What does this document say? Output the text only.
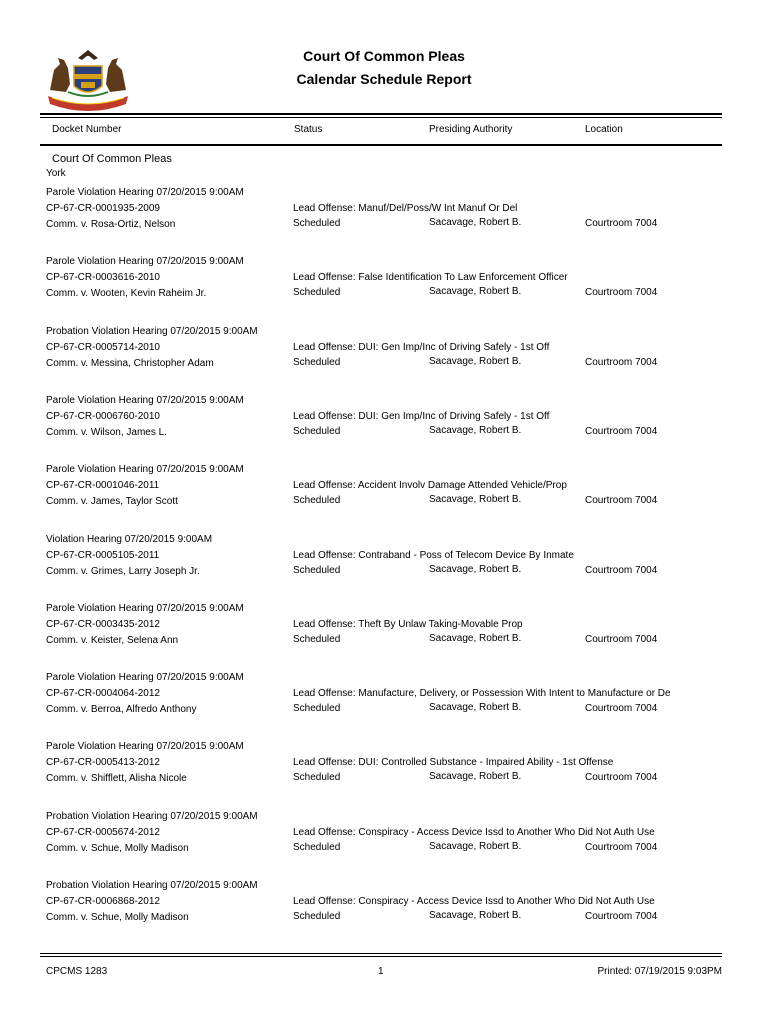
Court Of Common Pleas
Calendar Schedule Report
Docket Number	Status	Presiding Authority	Location
Court Of Common Pleas
York
Parole Violation Hearing 07/20/2015 9:00AM
CP-67-CR-0001935-2009
Comm. v. Rosa-Ortiz, Nelson
Lead Offense: Manuf/Del/Poss/W Int Manuf Or Del
Scheduled	Sacavage, Robert B.	Courtroom 7004
Parole Violation Hearing 07/20/2015 9:00AM
CP-67-CR-0003616-2010
Comm. v. Wooten, Kevin Raheim Jr.
Lead Offense: False Identification To Law Enforcement Officer
Scheduled	Sacavage, Robert B.	Courtroom 7004
Probation Violation Hearing 07/20/2015 9:00AM
CP-67-CR-0005714-2010
Comm. v. Messina, Christopher Adam
Lead Offense: DUI: Gen Imp/Inc of Driving Safely - 1st Off
Scheduled	Sacavage, Robert B.	Courtroom 7004
Parole Violation Hearing 07/20/2015 9:00AM
CP-67-CR-0006760-2010
Comm. v. Wilson, James L.
Lead Offense: DUI: Gen Imp/Inc of Driving Safely - 1st Off
Scheduled	Sacavage, Robert B.	Courtroom 7004
Parole Violation Hearing 07/20/2015 9:00AM
CP-67-CR-0001046-2011
Comm. v. James, Taylor Scott
Lead Offense: Accident Involv Damage Attended Vehicle/Prop
Scheduled	Sacavage, Robert B.	Courtroom 7004
Violation Hearing 07/20/2015 9:00AM
CP-67-CR-0005105-2011
Comm. v. Grimes, Larry Joseph Jr.
Lead Offense: Contraband - Poss of Telecom Device By Inmate
Scheduled	Sacavage, Robert B.	Courtroom 7004
Parole Violation Hearing 07/20/2015 9:00AM
CP-67-CR-0003435-2012
Comm. v. Keister, Selena Ann
Lead Offense: Theft By Unlaw Taking-Movable Prop
Scheduled	Sacavage, Robert B.	Courtroom 7004
Parole Violation Hearing 07/20/2015 9:00AM
CP-67-CR-0004064-2012
Comm. v. Berroa, Alfredo Anthony
Lead Offense: Manufacture, Delivery, or Possession With Intent to Manufacture or De
Scheduled	Sacavage, Robert B.	Courtroom 7004
Parole Violation Hearing 07/20/2015 9:00AM
CP-67-CR-0005413-2012
Comm. v. Shifflett, Alisha Nicole
Lead Offense: DUI: Controlled Substance - Impaired Ability - 1st Offense
Scheduled	Sacavage, Robert B.	Courtroom 7004
Probation Violation Hearing 07/20/2015 9:00AM
CP-67-CR-0005674-2012
Comm. v. Schue, Molly Madison
Lead Offense: Conspiracy - Access Device Issd to Another Who Did Not Auth Use
Scheduled	Sacavage, Robert B.	Courtroom 7004
Probation Violation Hearing 07/20/2015 9:00AM
CP-67-CR-0006868-2012
Comm. v. Schue, Molly Madison
Lead Offense: Conspiracy - Access Device Issd to Another Who Did Not Auth Use
Scheduled	Sacavage, Robert B.	Courtroom 7004
CPCMS 1283	1	Printed: 07/19/2015 9:03PM
